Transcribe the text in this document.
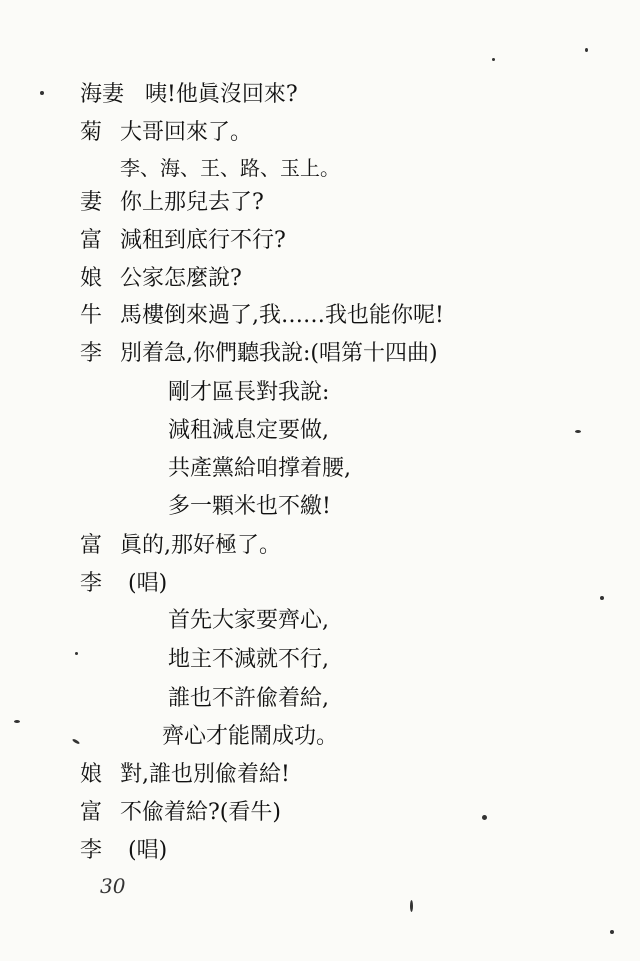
海妻 咦!他眞沒回來?
菊 大哥回來了。
李、海、王、路、玉上。
妻 你上那兒去了?
富 減租到底行不行?
娘 公家怎麼說?
牛 馬樓倒來過了,我……我也能你呢!
李 別着急,你們聽我說:(唱第十四曲)
剛才區長對我說:
減租減息定要做,
共產黨給咱撑着腰,
多一顆米也不繳!
富 眞的,那好極了。
李 (唱)
首先大家要齊心,
地主不減就不行,
誰也不許偸着給,
齊心才能鬧成功。
娘 對,誰也別偸着給!
富 不偸着給?(看牛)
李 (唱)
30
